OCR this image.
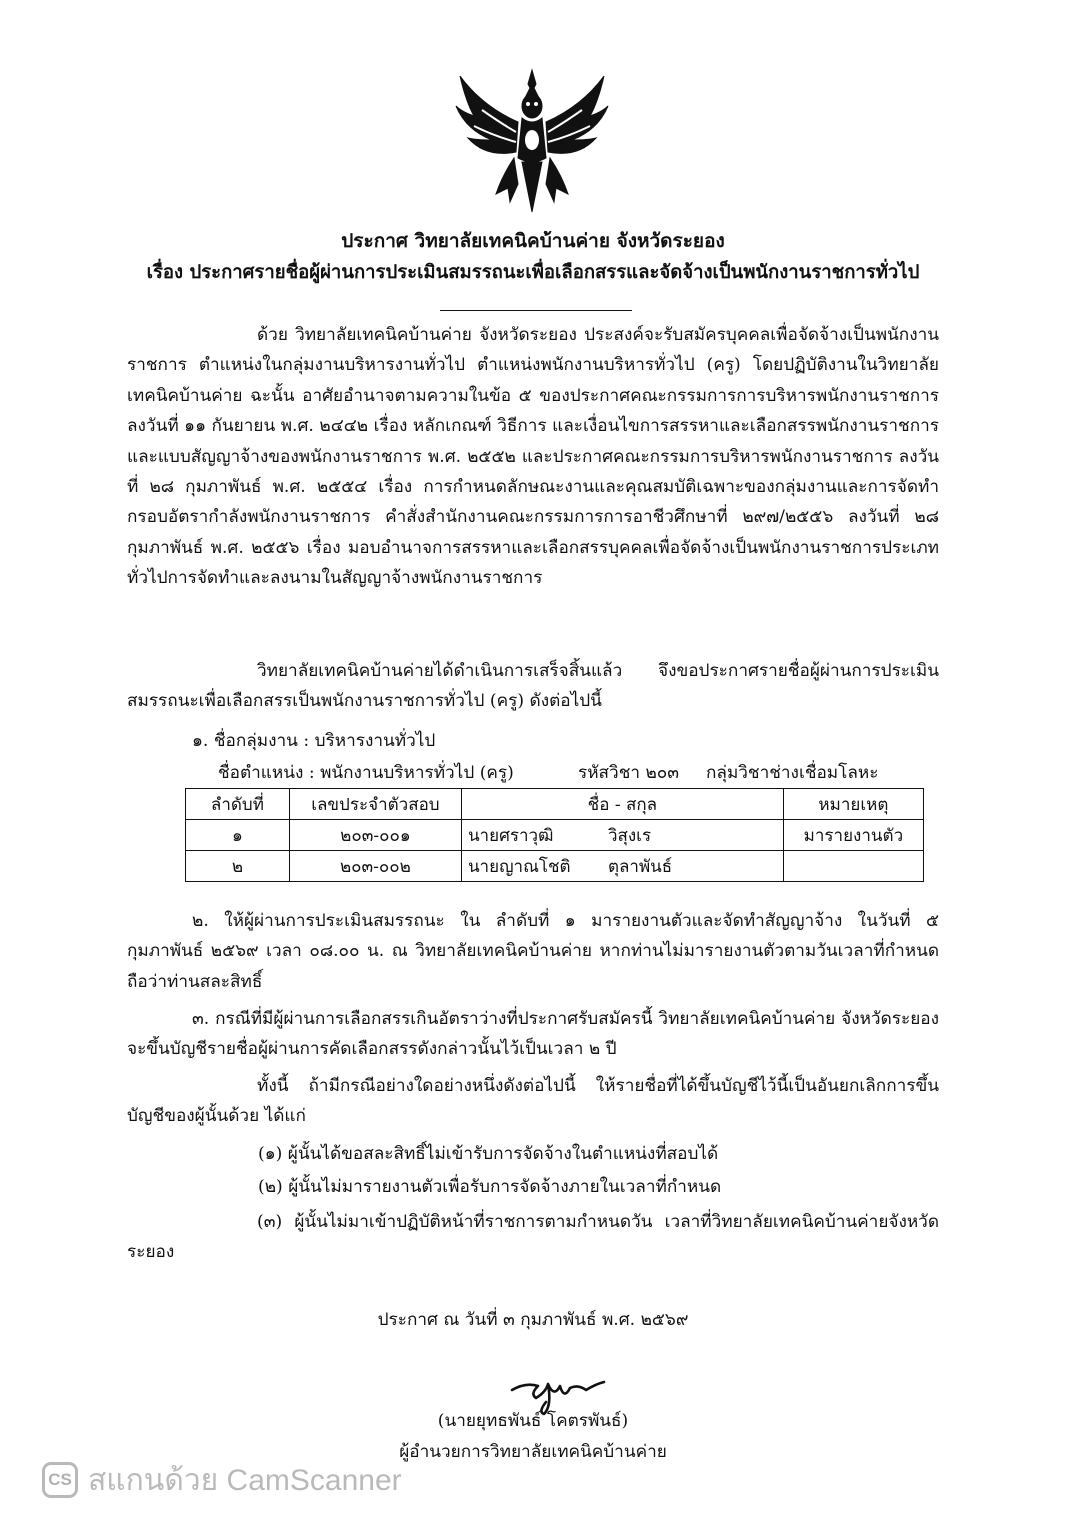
ประกาศ วิทยาลัยเทคนิคบ้านค่าย จังหวัดระยอง
เรื่อง ประกาศรายชื่อผู้ผ่านการประเมินสมรรถนะเพื่อเลือกสรรและจัดจ้างเป็นพนักงานราชการทั่วไป
ด้วย วิทยาลัยเทคนิคบ้านค่าย จังหวัดระยอง ประสงค์จะรับสมัครบุคคลเพื่อจัดจ้างเป็นพนักงานราชการ ตำแหน่งในกลุ่มงานบริหารงานทั่วไป ตำแหน่งพนักงานบริหารทั่วไป (ครู) โดยปฏิบัติงานในวิทยาลัยเทคนิคบ้านค่าย ฉะนั้น อาศัยอำนาจตามความในข้อ ๕ ของประกาศคณะกรรมการการบริหารพนักงานราชการ ลงวันที่ ๑๑ กันยายน พ.ศ. ๒๔๔๒ เรื่อง หลักเกณฑ์ วิธีการ และเงื่อนไขการสรรหาและเลือกสรรพนักงานราชการและแบบสัญญาจ้างของพนักงานราชการ พ.ศ. ๒๕๕๒ และประกาศคณะกรรมการบริหารพนักงานราชการ ลงวันที่ ๒๘ กุมภาพันธ์ พ.ศ. ๒๕๕๔ เรื่อง การกำหนดลักษณะงานและคุณสมบัติเฉพาะของกลุ่มงานและการจัดทำกรอบอัตรากำลังพนักงานราชการ คำสั่งสำนักงานคณะกรรมการการอาชีวศึกษาที่ ๒๙๗/๒๕๕๖ ลงวันที่ ๒๘ กุมภาพันธ์ พ.ศ. ๒๕๕๖ เรื่อง มอบอำนาจการสรรหาและเลือกสรรบุคคลเพื่อจัดจ้างเป็นพนักงานราชการประเภททั่วไปการจัดทำและลงนามในสัญญาจ้างพนักงานราชการ
วิทยาลัยเทคนิคบ้านค่ายได้ดำเนินการเสร็จสิ้นแล้ว จึงขอประกาศรายชื่อผู้ผ่านการประเมินสมรรถนะเพื่อเลือกสรรเป็นพนักงานราชการทั่วไป (ครู) ดังต่อไปนี้
๑. ชื่อกลุ่มงาน : บริหารงานทั่วไป
ชื่อตำแหน่ง : พนักงานบริหารทั่วไป (ครู)	รหัสวิชา ๒๐๓ กลุ่มวิชาช่างเชื่อมโลหะ
ลำดับที่	เลขประจำตัวสอบ	ชื่อ - สกุล	หมายเหตุ
๑	๒๐๓-๐๐๑	นายศราวุฒิ วิสุงเร	มารายงานตัว
๒	๒๐๓-๐๐๒	นายญาณโชติ ตุลาพันธ์	
๒. ให้ผู้ผ่านการประเมินสมรรถนะ ใน ลำดับที่ ๑ มารายงานตัวและจัดทำสัญญาจ้าง ในวันที่ ๕ กุมภาพันธ์ ๒๕๖๙ เวลา ๐๘.๐๐ น. ณ วิทยาลัยเทคนิคบ้านค่าย หากท่านไม่มารายงานตัวตามวันเวลาที่กำหนด ถือว่าท่านสละสิทธิ์
๓. กรณีที่มีผู้ผ่านการเลือกสรรเกินอัตราว่างที่ประกาศรับสมัครนี้ วิทยาลัยเทคนิคบ้านค่าย จังหวัดระยอง จะขึ้นบัญชีรายชื่อผู้ผ่านการคัดเลือกสรรดังกล่าวนั้นไว้เป็นเวลา ๒ ปี
ทั้งนี้ ถ้ามีกรณีอย่างใดอย่างหนึ่งดังต่อไปนี้ ให้รายชื่อที่ได้ขึ้นบัญชีไว้นี้เป็นอันยกเลิกการขึ้นบัญชีของผู้นั้นด้วย ได้แก่
(๑) ผู้นั้นได้ขอสละสิทธิ์ไม่เข้ารับการจัดจ้างในตำแหน่งที่สอบได้
(๒) ผู้นั้นไม่มารายงานตัวเพื่อรับการจัดจ้างภายในเวลาที่กำหนด
(๓) ผู้นั้นไม่มาเข้าปฏิบัติหน้าที่ราชการตามกำหนดวัน เวลาที่วิทยาลัยเทคนิคบ้านค่ายจังหวัดระยอง
ประกาศ ณ วันที่ ๓ กุมภาพันธ์ พ.ศ. ๒๕๖๙
(นายยุทธพันธ์ โคตรพันธ์)
ผู้อำนวยการวิทยาลัยเทคนิคบ้านค่าย
CS สแกนด้วย CamScanner
